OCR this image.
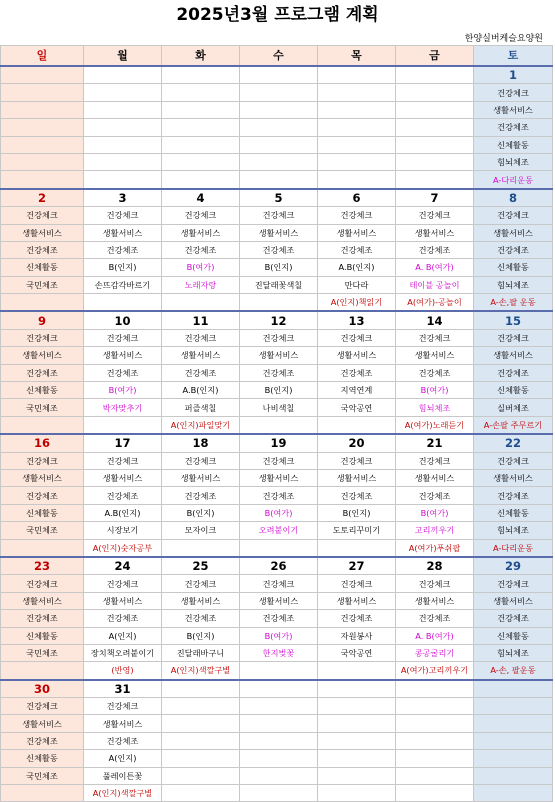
2025년3월 프로그램 계획
한양실버케슬요양원
일	월	화	수	목	금	토
						1
						건강체크
						생활서비스
						건강체조
						신체활동
						힘뇌체조
						A-다리운동
2	3	4	5	6	7	8
건강체크	건강체크	건강체크	건강체크	건강체크	건강체크	건강체크
생활서비스	생활서비스	생활서비스	생활서비스	생활서비스	생활서비스	생활서비스
건강체조	건강체조	건강체조	건강체조	건강체조	건강체조	건강체조
신체활동	B(인지)	B(여가)	B(인지)	A.B(인지)	A. B(여가)	신체활동
국민체조	손뜨감각바르기	노래자랑	진달래꽃색칠	만다라	테이블 공놀이	힘뇌체조
				A(인지)책읽기	A(여가)-공놀이	A-손,팔 운동
9	10	11	12	13	14	15
건강체크	건강체크	건강체크	건강체크	건강체크	건강체크	건강체크
생활서비스	생활서비스	생활서비스	생활서비스	생활서비스	생활서비스	생활서비스
건강체조	건강체조	건강체조	건강체조	건강체조	건강체조	건강체조
신체활동	B(여가)	A.B(인지)	B(인지)	지역연계	B(여가)	신체활동
국민체조	박자맞추기	퍼즐색칠	나비색칠	국악공연	힘뇌체조	실버체조
		A(인지)파일맞기			A(여가)노래듣기	A-손팔 주무르기
16	17	18	19	20	21	22
건강체크	건강체크	건강체크	건강체크	건강체크	건강체크	건강체크
생활서비스	생활서비스	생활서비스	생활서비스	생활서비스	생활서비스	생활서비스
건강체조	건강체조	건강체조	건강체조	건강체조	건강체조	건강체조
신체활동	A.B(인지)	B(인지)	B(여가)	B(인지)	B(여가)	신체활동
국민체조	시장보기	모자이크	오려붙이기	도토리꾸미기	고리끼우기	힘뇌체조
	A(인지)숫자공부				A(여가)푸쉬팝	A-다리운동
23	24	25	26	27	28	29
건강체크	건강체크	건강체크	건강체크	건강체크	건강체크	건강체크
생활서비스	생활서비스	생활서비스	생활서비스	생활서비스	생활서비스	생활서비스
건강체조	건강체조	건강체조	건강체조	건강체조	건강체조	건강체조
신체활동	A(인지)	B(인지)	B(여가)	자원봉사	A. B(여가)	신체활동
국민체조	장치책오려붙이기	진달래바구니	한지벚꽃	국악공연	콩공굴리기	힘뇌체조
	(반영)	A(인지)색깔구별			A(여가)고리끼우기	A-손, 팔운동
30	31					
건강체크	건강체크					
생활서비스	생활서비스					
건강체조	건강체조					
신체활동	A(인지)					
국민체조	풀레이튼꽃					
	A(인지)색깔구별					
